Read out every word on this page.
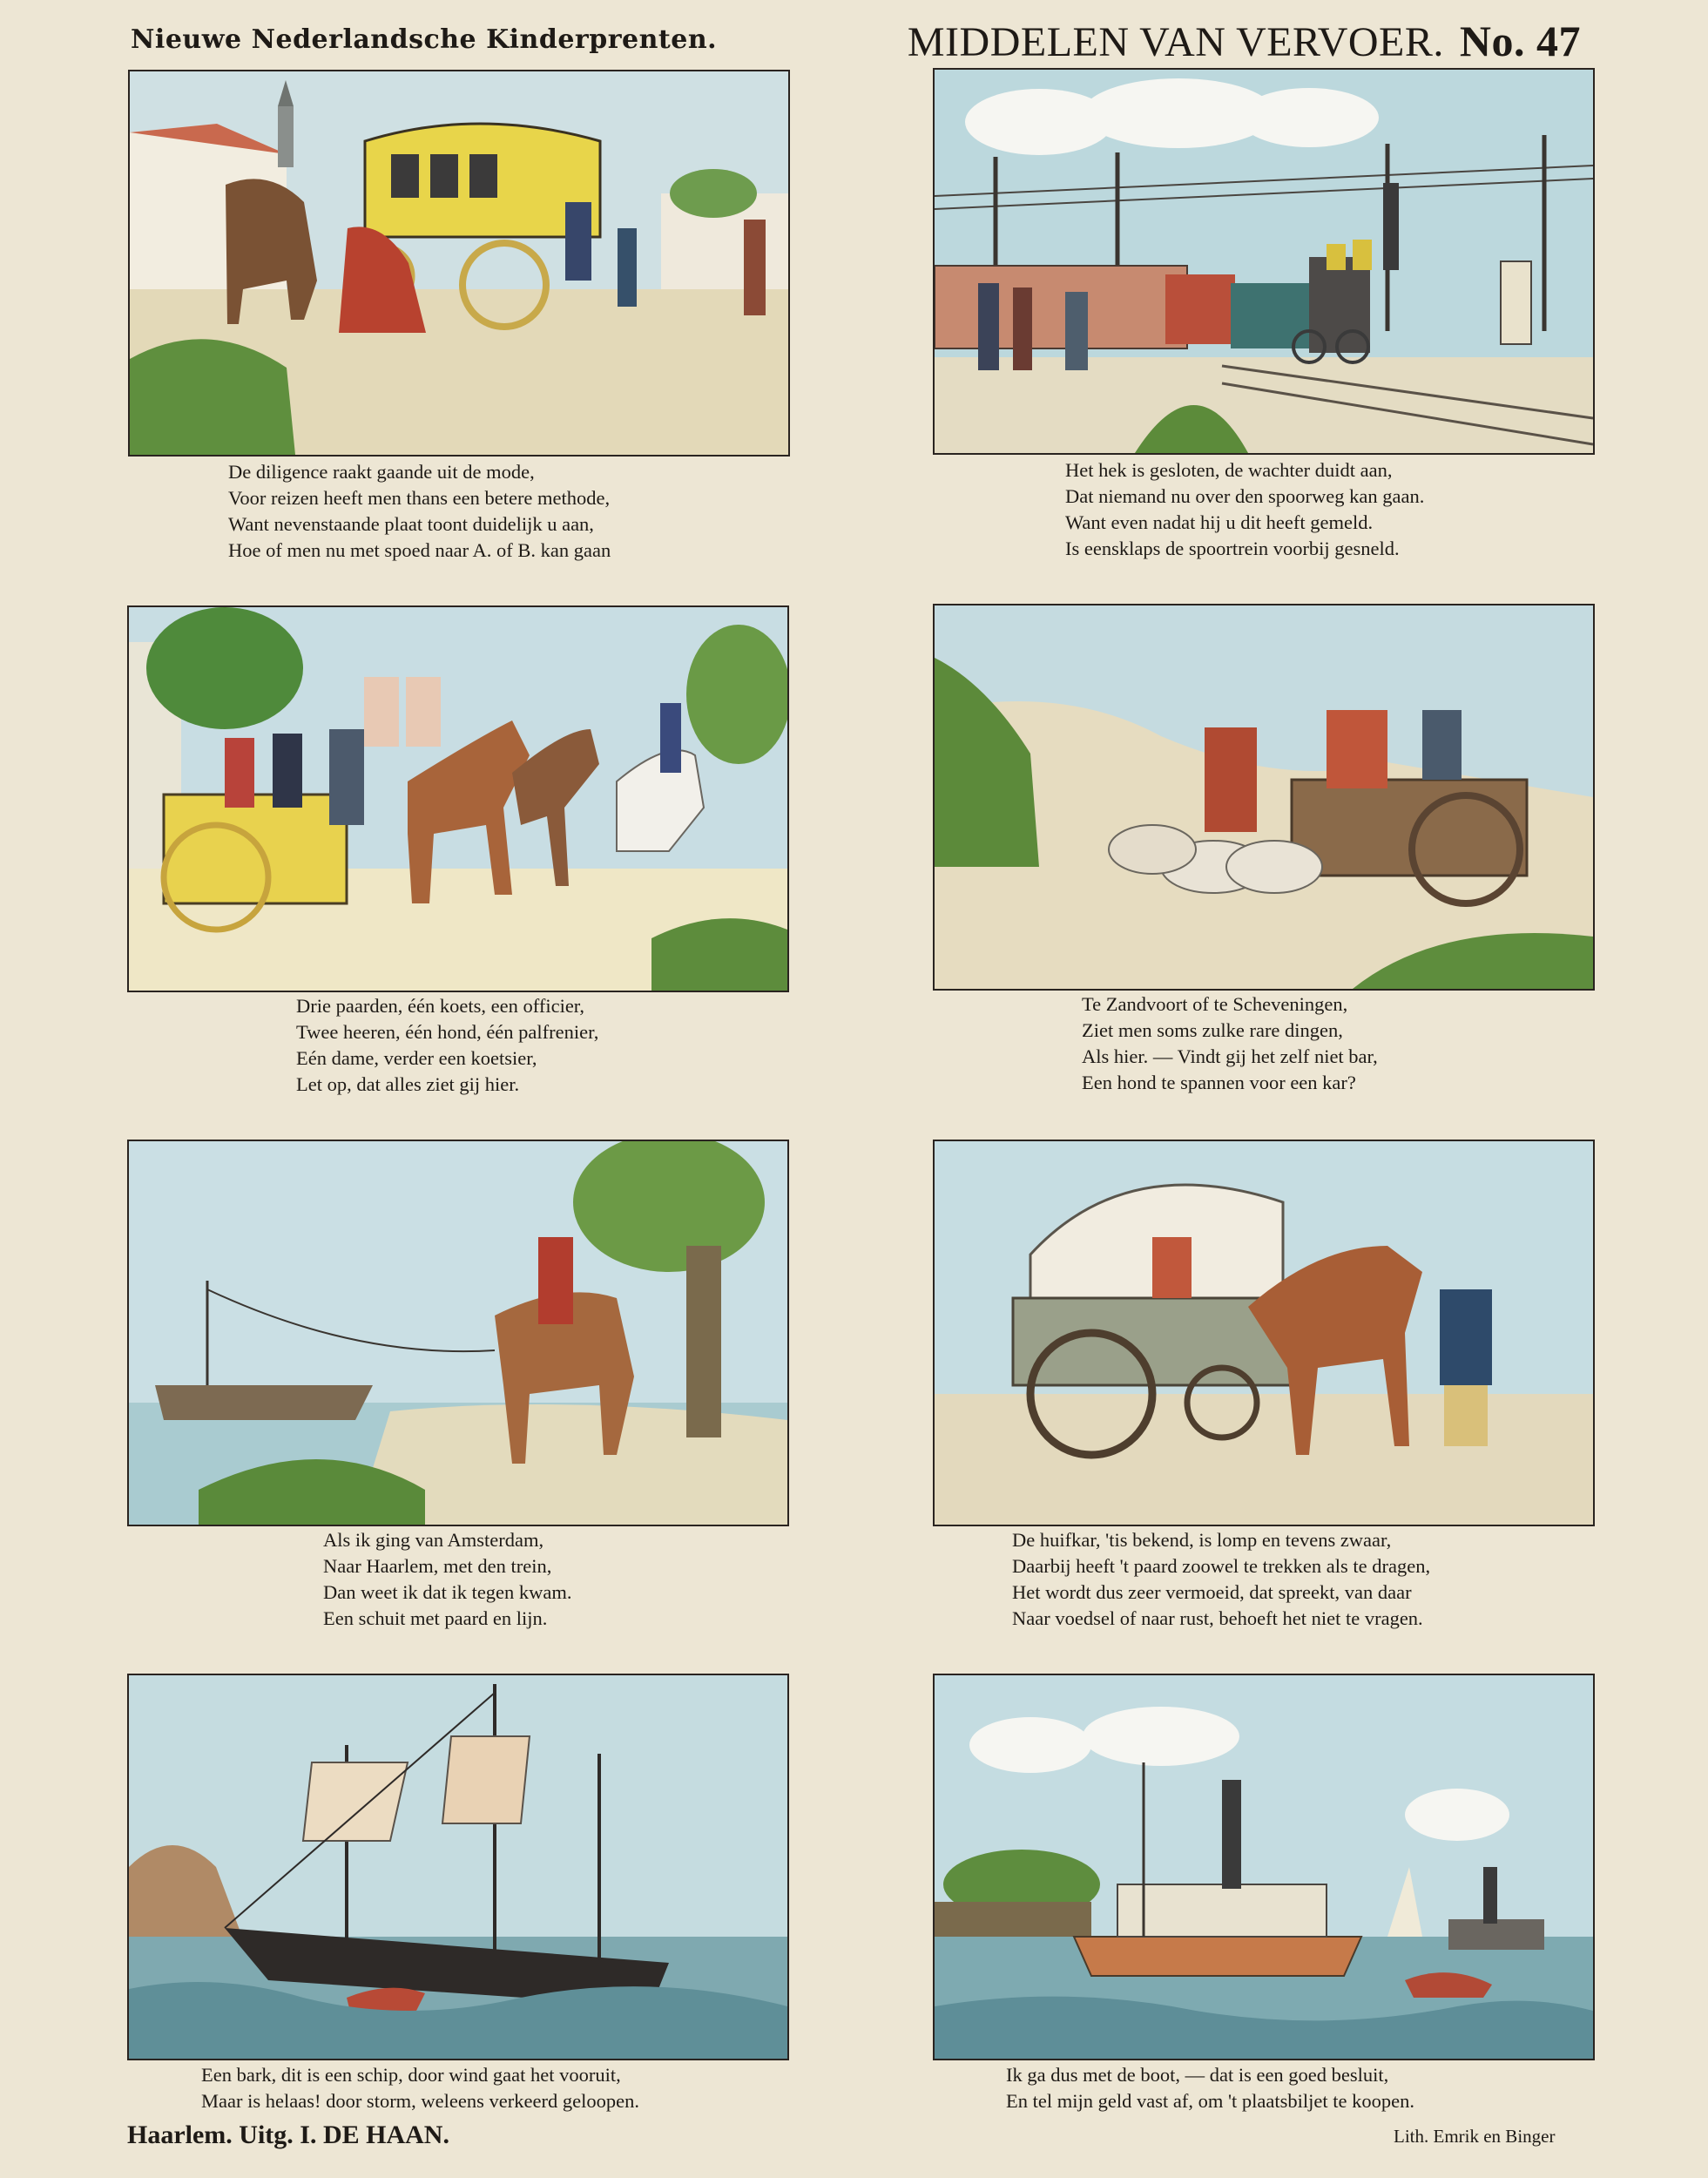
Nieuwe Nederlandsche Kinderprenten.	MIDDELEN VAN VERVOER. No. 47
De diligence raakt gaande uit de mode,
Voor reizen heeft men thans een betere methode,
Want nevenstaande plaat toont duidelijk u aan,
Hoe of men nu met spoed naar A. of B. kan gaan
Het hek is gesloten, de wachter duidt aan,
Dat niemand nu over den spoorweg kan gaan.
Want even nadat hij u dit heeft gemeld.
Is eensklaps de spoortrein voorbij gesneld.
Drie paarden, één koets, een officier,
Twee heeren, één hond, één palfrenier,
Eén dame, verder een koetsier,
Let op, dat alles ziet gij hier.
Te Zandvoort of te Scheveningen,
Ziet men soms zulke rare dingen,
Als hier. — Vindt gij het zelf niet bar,
Een hond te spannen voor een kar?
Als ik ging van Amsterdam,
Naar Haarlem, met den trein,
Dan weet ik dat ik tegen kwam.
Een schuit met paard en lijn.
De huifkar, 'tis bekend, is lomp en tevens zwaar,
Daarbij heeft 't paard zoowel te trekken als te dragen,
Het wordt dus zeer vermoeid, dat spreekt, van daar
Naar voedsel of naar rust, behoeft het niet te vragen.
Een bark, dit is een schip, door wind gaat het vooruit,
Maar is helaas! door storm, weleens verkeerd geloopen.
Ik ga dus met de boot, — dat is een goed besluit,
En tel mijn geld vast af, om 't plaatsbiljet te koopen.
Haarlem. Uitg. I. DE HAAN.	Lith. Emrik en Binger
